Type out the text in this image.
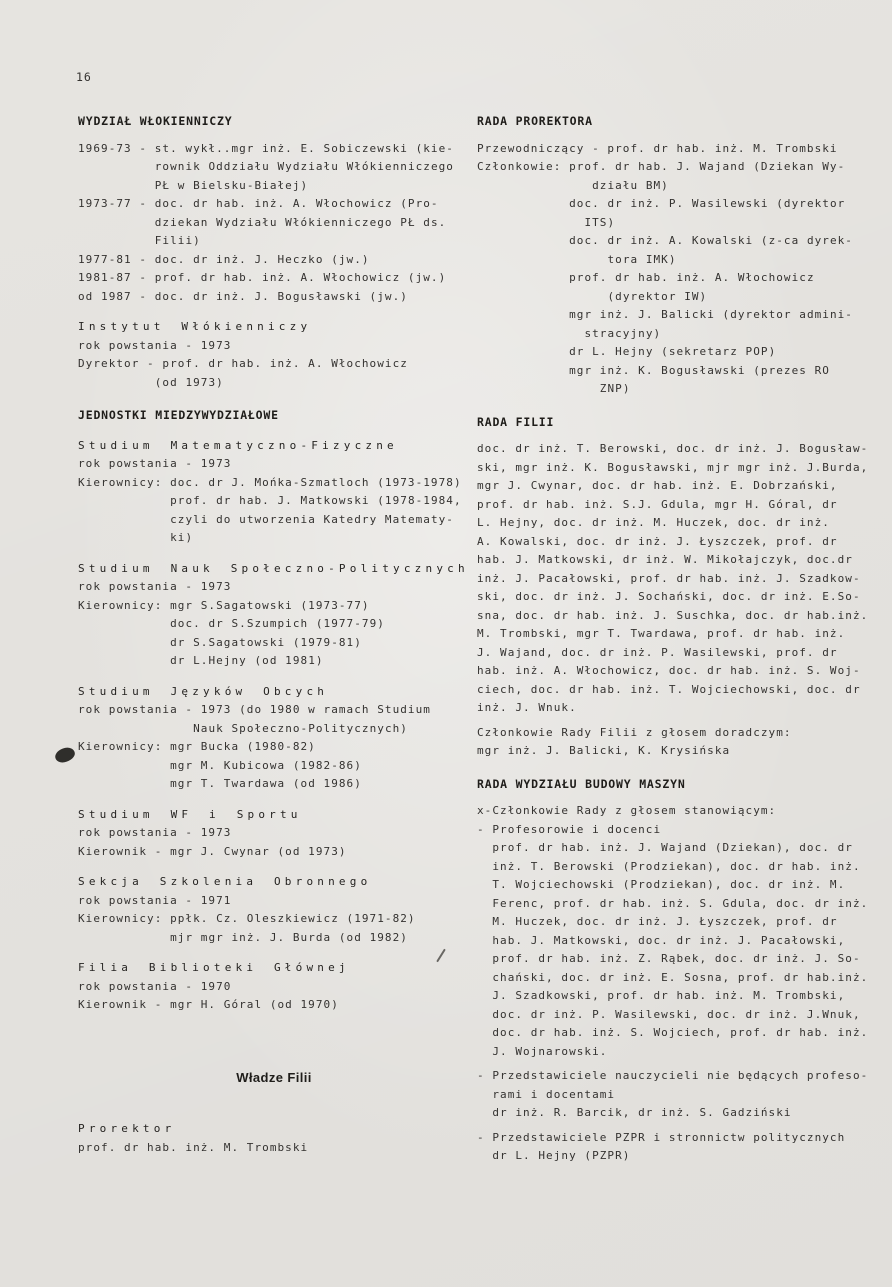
16
WYDZIAŁ WŁOKIENNICZY
1969-73 - st. wykł..mgr inż. E. Sobiczewski (kie-
rownik Oddziału Wydziału Włókienniczego
PŁ w Bielsku-Białej)
1973-77 - doc. dr hab. inż. A. Włochowicz (Pro-
dziekan Wydziału Włókienniczego PŁ ds.
Filii)
1977-81 - doc. dr inż. J. Heczko (jw.)
1981-87 - prof. dr hab. inż. A. Włochowicz (jw.)
od 1987 - doc. dr inż. J. Bogusławski (jw.)
Instytut Włókienniczy
rok powstania - 1973
Dyrektor - prof. dr hab. inż. A. Włochowicz
(od 1973)
JEDNOSTKI MIEDZYWYDZIAŁOWE
Studium Matematyczno-Fizyczne
rok powstania - 1973
Kierownicy: doc. dr J. Mońka-Szmatloch (1973-1978)
prof. dr hab. J. Matkowski (1978-1984,
czyli do utworzenia Katedry Matematy-
ki)
Studium Nauk Społeczno-Politycznych
rok powstania - 1973
Kierownicy: mgr S.Sagatowski (1973-77)
doc. dr S.Szumpich (1977-79)
dr S.Sagatowski (1979-81)
dr L.Hejny (od 1981)
Studium Języków Obcych
rok powstania - 1973 (do 1980 w ramach Studium
Nauk Społeczno-Politycznych)
Kierownicy: mgr Bucka (1980-82)
mgr M. Kubicowa (1982-86)
mgr T. Twardawa (od 1986)
Studium WF i Sportu
rok powstania - 1973
Kierownik - mgr J. Cwynar (od 1973)
Sekcja Szkolenia Obronnego
rok powstania - 1971
Kierownicy: ppłk. Cz. Oleszkiewicz (1971-82)
mjr mgr inż. J. Burda (od 1982)
Filia Biblioteki Głównej
rok powstania - 1970
Kierownik - mgr H. Góral (od 1970)
Władze Filii
Prorektor
prof. dr hab. inż. M. Trombski
RADA PROREKTORA
Przewodniczący - prof. dr hab. inż. M. Trombski
Członkowie: prof. dr hab. J. Wajand (Dziekan Wy-
działu BM)
doc. dr inż. P. Wasilewski (dyrektor
ITS)
doc. dr inż. A. Kowalski (z-ca dyrek-
tora IMK)
prof. dr hab. inż. A. Włochowicz
(dyrektor IW)
mgr inż. J. Balicki (dyrektor admini-
stracyjny)
dr L. Hejny (sekretarz POP)
mgr inż. K. Bogusławski (prezes RO
ZNP)
RADA FILII
doc. dr inż. T. Berowski, doc. dr inż. J. Bogusław-
ski, mgr inż. K. Bogusławski, mjr mgr inż. J.Burda,
mgr J. Cwynar, doc. dr hab. inż. E. Dobrzański,
prof. dr hab. inż. S.J. Gdula, mgr H. Góral, dr
L. Hejny, doc. dr inż. M. Huczek, doc. dr inż.
A. Kowalski, doc. dr inż. J. Łyszczek, prof. dr
hab. J. Matkowski, dr inż. W. Mikołajczyk, doc.dr
inż. J. Pacałowski, prof. dr hab. inż. J. Szadkow-
ski, doc. dr inż. J. Sochański, doc. dr inż. E.So-
sna, doc. dr hab. inż. J. Suschka, doc. dr hab.inż.
M. Trombski, mgr T. Twardawa, prof. dr hab. inż.
J. Wajand, doc. dr inż. P. Wasilewski, prof. dr
hab. inż. A. Włochowicz, doc. dr hab. inż. S. Woj-
ciech, doc. dr hab. inż. T. Wojciechowski, doc. dr
inż. J. Wnuk.
Członkowie Rady Filii z głosem doradczym:
mgr inż. J. Balicki, K. Krysińska
RADA WYDZIAŁU BUDOWY MASZYN
x-Członkowie Rady z głosem stanowiącym:
- Profesorowie i docenci
prof. dr hab. inż. J. Wajand (Dziekan), doc. dr
inż. T. Berowski (Prodziekan), doc. dr hab. inż.
T. Wojciechowski (Prodziekan), doc. dr inż. M.
Ferenc, prof. dr hab. inż. S. Gdula, doc. dr inż.
M. Huczek, doc. dr inż. J. Łyszczek, prof. dr
hab. J. Matkowski, doc. dr inż. J. Pacałowski,
prof. dr hab. inż. Z. Rąbek, doc. dr inż. J. So-
chański, doc. dr inż. E. Sosna, prof. dr hab.inż.
J. Szadkowski, prof. dr hab. inż. M. Trombski,
doc. dr inż. P. Wasilewski, doc. dr inż. J.Wnuk,
doc. dr hab. inż. S. Wojciech, prof. dr hab. inż.
J. Wojnarowski.
- Przedstawiciele nauczycieli nie będących profeso-
rami i docentami
dr inż. R. Barcik, dr inż. S. Gadziński
- Przedstawiciele PZPR i stronnictw politycznych
dr L. Hejny (PZPR)
